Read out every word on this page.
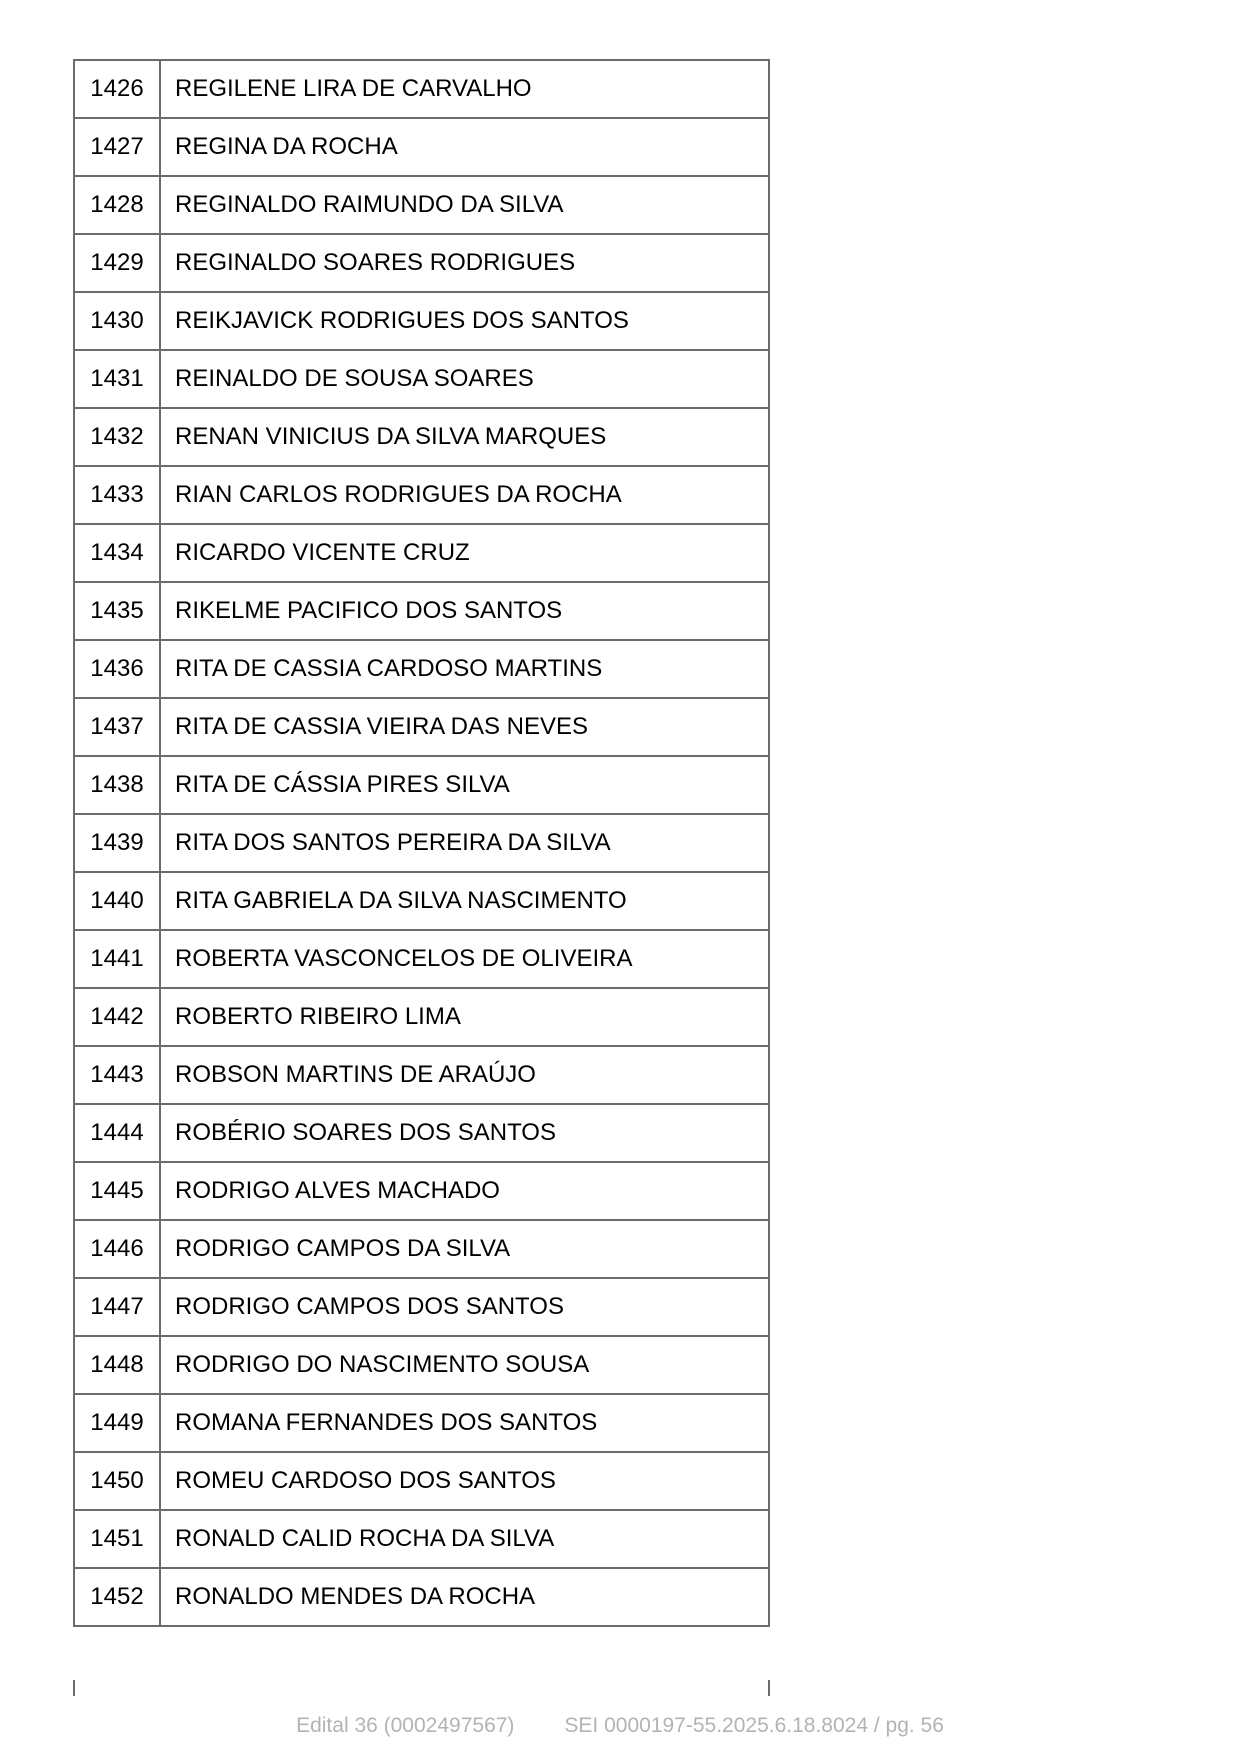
1426	REGILENE LIRA DE CARVALHO
1427	REGINA DA ROCHA
1428	REGINALDO RAIMUNDO DA SILVA
1429	REGINALDO SOARES RODRIGUES
1430	REIKJAVICK RODRIGUES DOS SANTOS
1431	REINALDO DE SOUSA SOARES
1432	RENAN VINICIUS DA SILVA MARQUES
1433	RIAN CARLOS RODRIGUES DA ROCHA
1434	RICARDO VICENTE CRUZ
1435	RIKELME PACIFICO DOS SANTOS
1436	RITA DE CASSIA CARDOSO MARTINS
1437	RITA DE CASSIA VIEIRA DAS NEVES
1438	RITA DE CÁSSIA PIRES SILVA
1439	RITA DOS SANTOS PEREIRA DA SILVA
1440	RITA GABRIELA DA SILVA NASCIMENTO
1441	ROBERTA VASCONCELOS DE OLIVEIRA
1442	ROBERTO RIBEIRO LIMA
1443	ROBSON MARTINS DE ARAÚJO
1444	ROBÉRIO SOARES DOS SANTOS
1445	RODRIGO ALVES MACHADO
1446	RODRIGO CAMPOS DA SILVA
1447	RODRIGO CAMPOS DOS SANTOS
1448	RODRIGO DO NASCIMENTO SOUSA
1449	ROMANA FERNANDES DOS SANTOS
1450	ROMEU CARDOSO DOS SANTOS
1451	RONALD CALID ROCHA DA SILVA
1452	RONALDO MENDES DA ROCHA
Edital 36 (0002497567) SEI 0000197-55.2025.6.18.8024 / pg. 56
